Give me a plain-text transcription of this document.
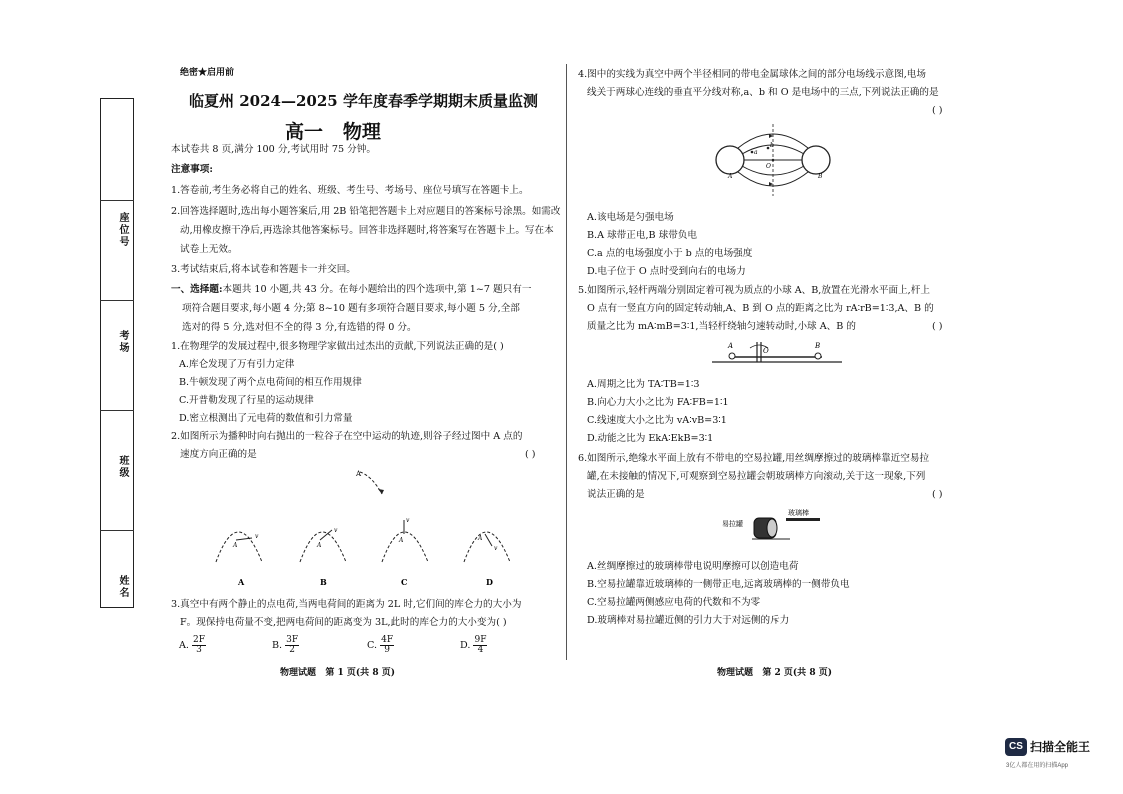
座位号
考场
班级
姓名
绝密★启用前
临夏州 2024—2025 学年度春季学期期末质量监测
高一   物理
本试卷共 8 页,满分 100 分,考试用时 75 分钟。
注意事项:
1.答卷前,考生务必将自己的姓名、班级、考生号、考场号、座位号填写在答题卡上。
2.回答选择题时,选出每小题答案后,用 2B 铅笔把答题卡上对应题目的答案标号涂黑。如需改
动,用橡皮擦干净后,再选涂其他答案标号。回答非选择题时,将答案写在答题卡上。写在本
试卷上无效。
3.考试结束后,将本试卷和答题卡一并交回。
一、选择题:本题共 10 小题,共 43 分。在每小题给出的四个选项中,第 1~7 题只有一
项符合题目要求,每小题 4 分;第 8~10 题有多项符合题目要求,每小题 5 分,全部
选对的得 5 分,选对但不全的得 3 分,有选错的得 0 分。
1.在物理学的发展过程中,很多物理学家做出过杰出的贡献,下列说法正确的是( )
A.库仑发现了万有引力定律
B.牛顿发现了两个点电荷间的相互作用规律
C.开普勒发现了行星的运动规律
D.密立根测出了元电荷的数值和引力常量
2.如图所示为播种时向右抛出的一粒谷子在空中运动的轨迹,则谷子经过图中 A 点的
速度方向正确的是	( )
A
v
A
A
v
A
B
v
A
C
v
A
D
3.真空中有两个静止的点电荷,当两电荷间的距离为 2L 时,它们间的库仑力的大小为
F。现保持电荷量不变,把两电荷间的距离变为 3L,此时的库仑力的大小变为( )
A. $\frac{2F}{3}$	B. $\frac{3F}{2}$	C. $\frac{4F}{9}$	D. $\frac{9F}{4}$
物理试题   第 1 页(共 8 页)
4.图中的实线为真空中两个半径相同的带电金属球体之间的部分电场线示意图,电场
线关于两球心连线的垂直平分线对称,a、b 和 O 是电场中的三点,下列说法正确的是
( )
a
b
O
A	B
A.该电场是匀强电场
B.A 球带正电,B 球带负电
C.a 点的电场强度小于 b 点的电场强度
D.电子位于 O 点时受到向右的电场力
5.如图所示,轻杆两端分别固定着可视为质点的小球 A、B,放置在光滑水平面上,杆上
O 点有一竖直方向的固定转动轴,A、B 到 O 点的距离之比为 rA∶rB=1∶3,A、B 的
质量之比为 mA∶mB=3∶1,当轻杆绕轴匀速转动时,小球 A、B 的	( )
A
O
B
A.周期之比为 TA∶TB=1∶3
B.向心力大小之比为 FA∶FB=1∶1
C.线速度大小之比为 vA∶vB=3∶1
D.动能之比为 EkA∶EkB=3∶1
6.如图所示,绝缘水平面上放有不带电的空易拉罐,用丝绸摩擦过的玻璃棒靠近空易拉
罐,在未接触的情况下,可观察到空易拉罐会朝玻璃棒方向滚动,关于这一现象,下列
说法正确的是	( )
易拉罐
玻璃棒
A.丝绸摩擦过的玻璃棒带电说明摩擦可以创造电荷
B.空易拉罐靠近玻璃棒的一侧带正电,远离玻璃棒的一侧带负电
C.空易拉罐两侧感应电荷的代数和不为零
D.玻璃棒对易拉罐近侧的引力大于对远侧的斥力
物理试题   第 2 页(共 8 页)
CS 扫描全能王
3亿人都在用的扫描App
